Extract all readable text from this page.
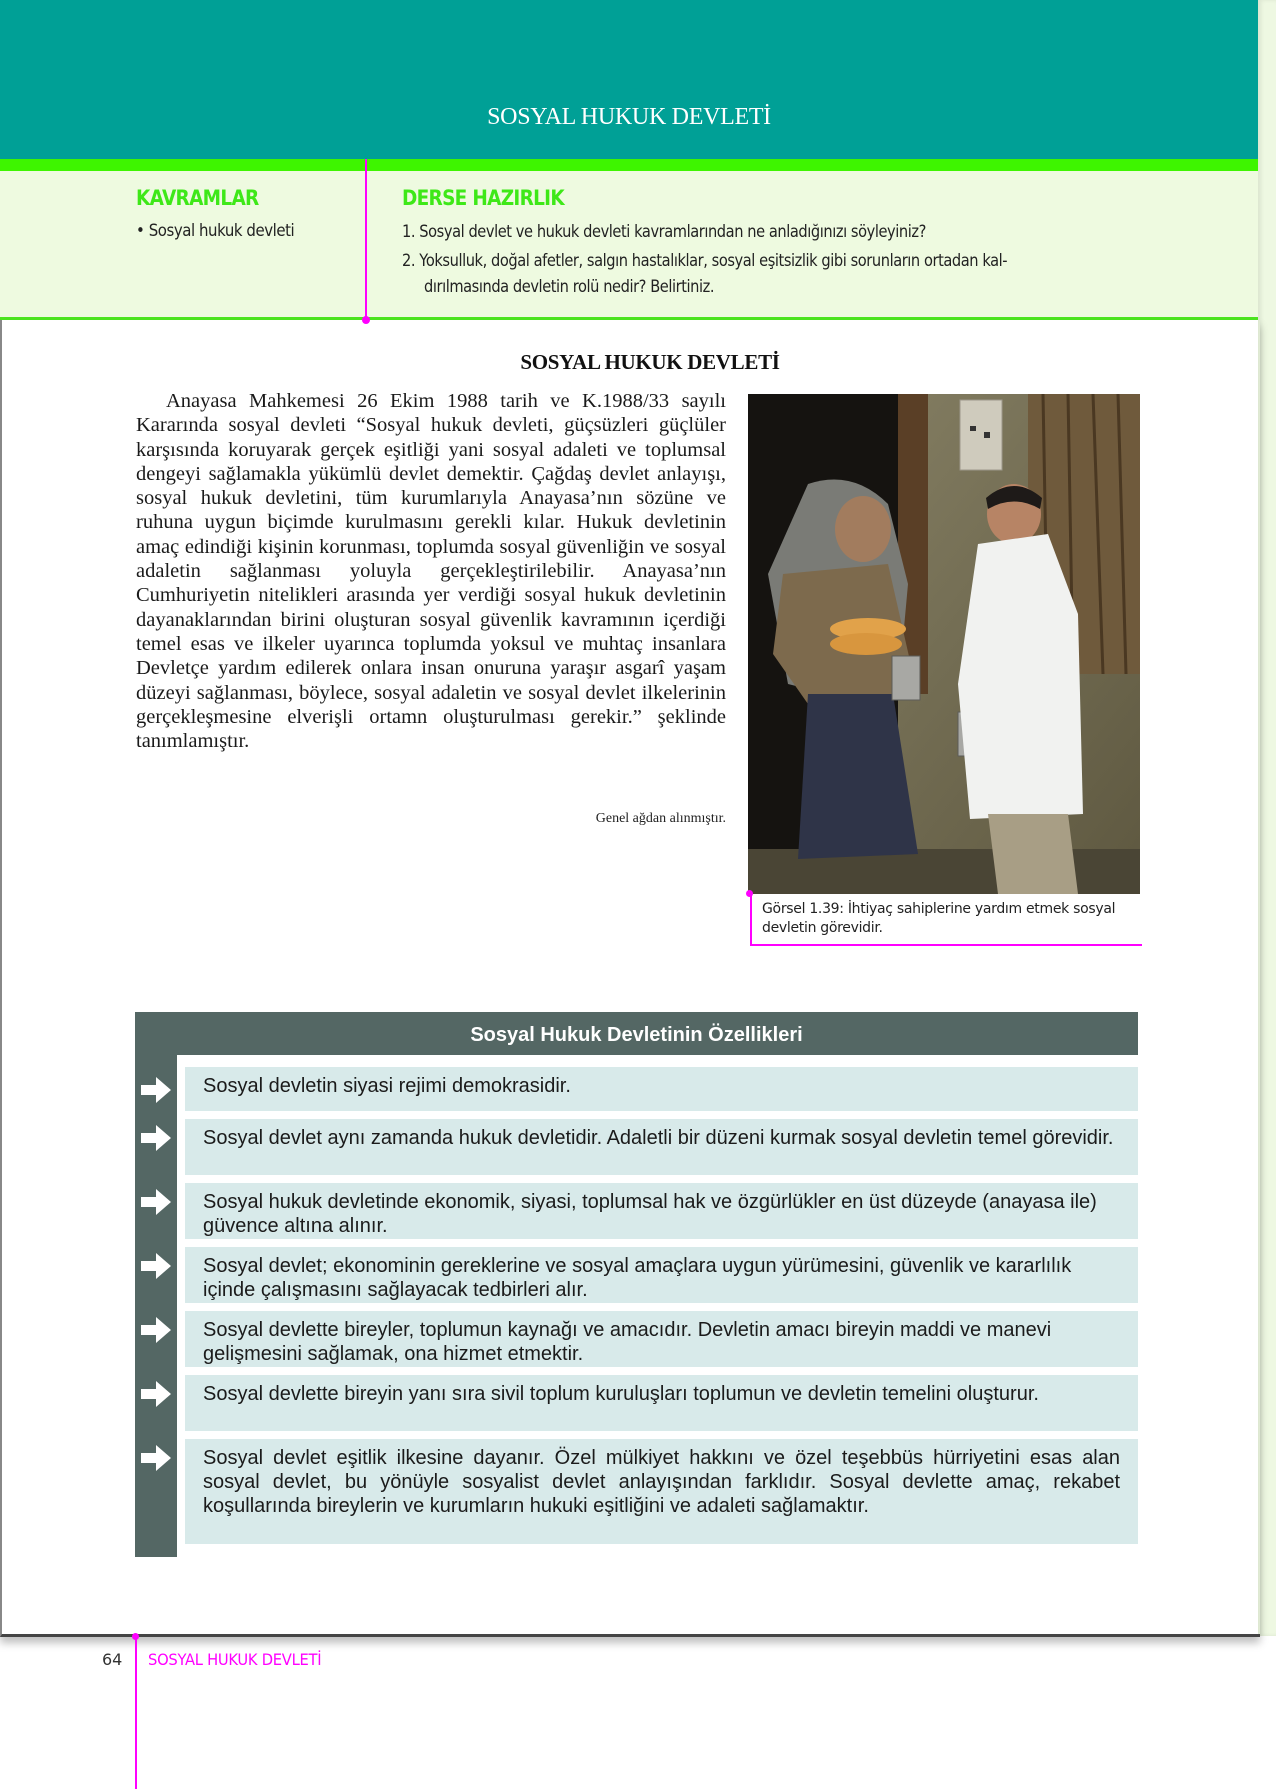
SOSYAL HUKUK DEVLETİ
KAVRAMLAR
• Sosyal hukuk devleti
DERSE HAZIRLIK
1. Sosyal devlet ve hukuk devleti kavramlarından ne anladığınızı söyleyiniz?
2. Yoksulluk, doğal afetler, salgın hastalıklar, sosyal eşitsizlik gibi sorunların ortadan kal-
dırılmasında devletin rolü nedir? Belirtiniz.
SOSYAL HUKUK DEVLETİ
Anayasa Mahkemesi 26 Ekim 1988 tarih ve K.1988/33 sayılı Kararında sosyal devleti “Sosyal hukuk devleti, güçsüzleri güçlüler karşısında koruyarak gerçek eşitliği yani sosyal adaleti ve toplumsal dengeyi sağlamakla yükümlü devlet demektir. Çağdaş devlet anlayışı, sosyal hukuk devletini, tüm kurumlarıyla Anayasa’nın sözüne ve ruhuna uygun biçimde kurulmasını gerekli kılar. Hukuk devletinin amaç edindiği kişinin korunması, toplumda sosyal güvenliğin ve sosyal adaletin sağlanması yoluyla gerçekleştirilebilir. Anayasa’nın Cumhuriyetin nitelikleri arasında yer verdiği sosyal hukuk devletinin dayanaklarından birini oluşturan sosyal güvenlik kavramının içerdiği temel esas ve ilkeler uyarınca toplumda yoksul ve muhtaç insanlara Devletçe yardım edilerek onlara insan onuruna yaraşır asgarî yaşam düzeyi sağlanması, böylece, sosyal adaletin ve sosyal devlet ilkelerinin gerçekleşmesine elverişli ortamn oluşturulması gerekir.” şeklinde tanımlamıştır.
Genel ağdan alınmıştır.
Görsel 1.39: İhtiyaç sahiplerine yardım etmek sosyal devletin görevidir.
Sosyal Hukuk Devletinin Özellikleri
Sosyal devletin siyasi rejimi demokrasidir.
Sosyal devlet aynı zamanda hukuk devletidir. Adaletli bir düzeni kurmak sosyal devletin temel görevidir.
Sosyal hukuk devletinde ekonomik, siyasi, toplumsal hak ve özgürlükler en üst düzeyde (anayasa ile) güvence altına alınır.
Sosyal devlet; ekonominin gereklerine ve sosyal amaçlara uygun yürümesini, güvenlik ve kararlılık içinde çalışmasını sağlayacak tedbirleri alır.
Sosyal devlette bireyler, toplumun kaynağı ve amacıdır. Devletin amacı bireyin maddi ve manevi gelişmesini sağlamak, ona hizmet etmektir.
Sosyal devlette bireyin yanı sıra sivil toplum kuruluşları toplumun ve devletin temelini oluşturur.
Sosyal devlet eşitlik ilkesine dayanır. Özel mülkiyet hakkını ve özel teşebbüs hürriyetini esas alan sosyal devlet, bu yönüyle sosyalist devlet anlayışından farklıdır. Sosyal devlette amaç, rekabet koşullarında bireylerin ve kurumların hukuki eşitliğini ve adaleti sağlamaktır.
64 SOSYAL HUKUK DEVLETİ
